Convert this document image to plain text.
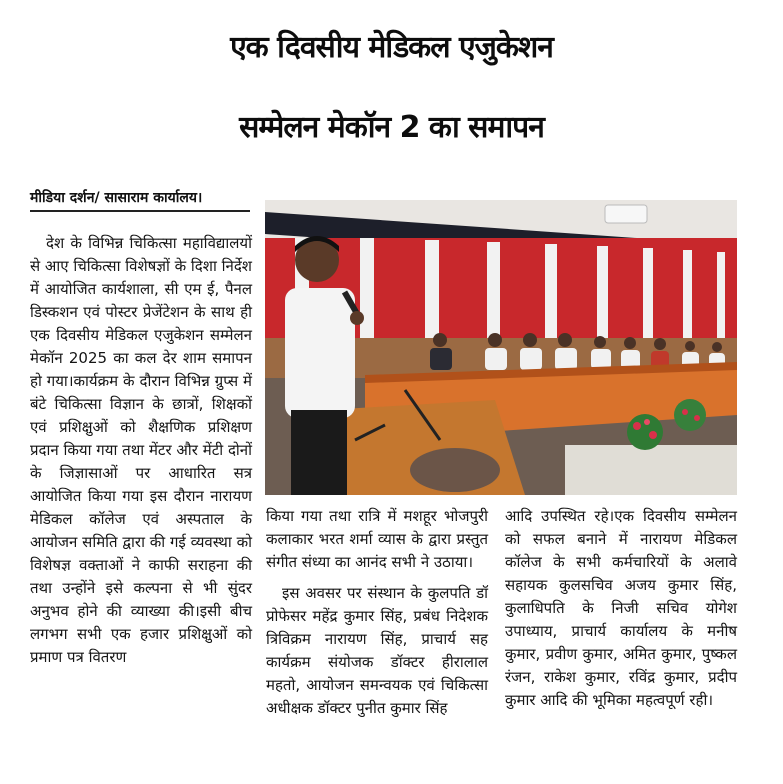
एक दिवसीय मेडिकल एजुकेशन
सम्मेलन मेकॉन 2 का समापन
मीडिया दर्शन/ सासाराम कार्यालय।

देश के विभिन्न चिकित्सा महाविद्यालयों से आए चिकित्सा विशेषज्ञों के दिशा निर्देश में आयोजित कार्यशाला, सी एम ई, पैनल डिस्कशन एवं पोस्टर प्रेजेंटेशन के साथ ही एक दिवसीय मेडिकल एजुकेशन सम्मेलन मेकॉन 2025 का कल देर शाम समापन हो गया।कार्यक्रम के दौरान विभिन्न ग्रुप्स में बंटे चिकित्सा विज्ञान के छात्रों, शिक्षकों एवं प्रशिक्षुओं को शैक्षणिक प्रशिक्षण प्रदान किया गया तथा मेंटर और मेंटी दोनों के जिज्ञासाओं पर आधारित सत्र आयोजित किया गया इस दौरान नारायण मेडिकल कॉलेज एवं अस्पताल के आयोजन समिति द्वारा की गई व्यवस्था को विशेषज्ञ वक्ताओं ने काफी सराहना की तथा उन्होंने इसे कल्पना से भी सुंदर अनुभव होने की व्याख्या की।इसी बीच लगभग सभी एक हजार प्रशिक्षुओं को प्रमाण पत्र वितरण

किया गया तथा रात्रि में मशहूर भोजपुरी कलाकार भरत शर्मा व्यास के द्वारा प्रस्तुत संगीत संध्या का आनंद सभी ने उठाया।

इस अवसर पर संस्थान के कुलपति डॉ प्रोफेसर महेंद्र कुमार सिंह, प्रबंध निदेशक त्रिविक्रम नारायण सिंह, प्राचार्य सह कार्यक्रम संयोजक डॉक्टर हीरालाल महतो, आयोजन समन्वयक एवं चिकित्सा अधीक्षक डॉक्टर पुनीत कुमार सिंह

आदि उपस्थित रहे।एक दिवसीय सम्मेलन को सफल बनाने में नारायण मेडिकल कॉलेज के सभी कर्मचारियों के अलावे सहायक कुलसचिव अजय कुमार सिंह, कुलाधिपति के निजी सचिव योगेश उपाध्याय, प्राचार्य कार्यालय के मनीष कुमार, प्रवीण कुमार, अमित कुमार, पुष्कल रंजन, राकेश कुमार, रविंद्र कुमार, प्रदीप कुमार आदि की भूमिका महत्वपूर्ण रही।
